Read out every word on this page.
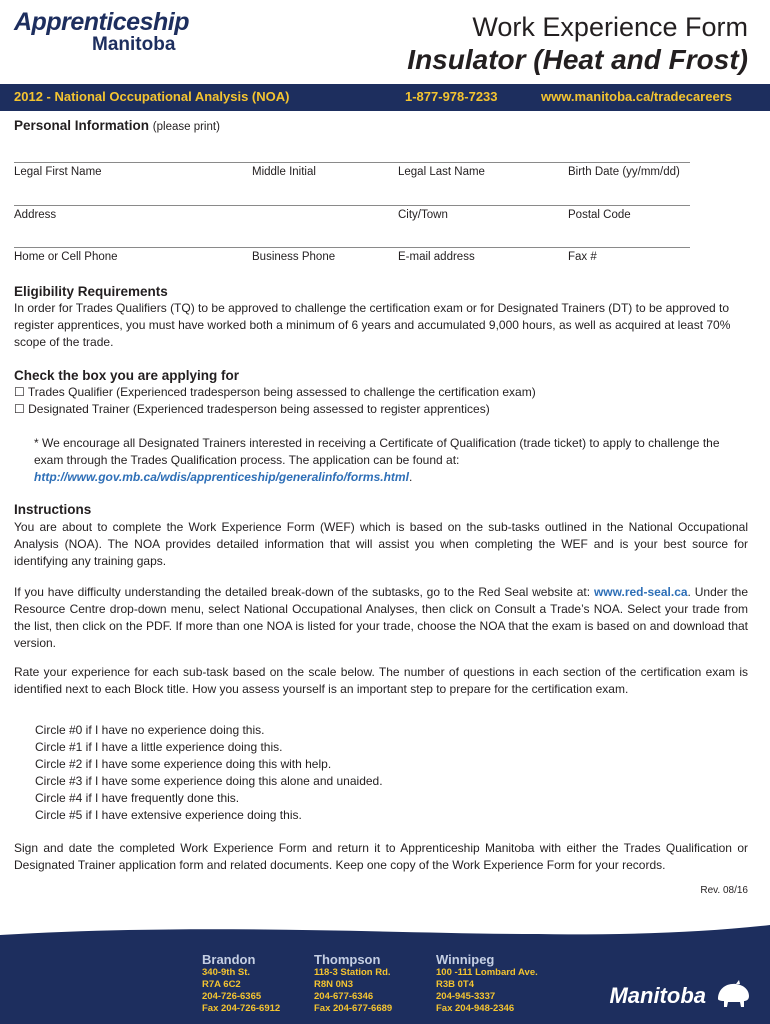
Apprenticeship
Manitoba
Work Experience Form
Insulator (Heat and Frost)
2012 - National Occupational Analysis (NOA)	1-877-978-7233	www.manitoba.ca/tradecareers
Personal Information (please print)
Legal First Name	Middle Initial	Legal Last Name	Birth Date (yy/mm/dd)
Address	City/Town	Postal Code
Home or Cell Phone	Business Phone	E-mail address	Fax #
Eligibility Requirements
In order for Trades Qualifiers (TQ) to be approved to challenge the certification exam or for Designated Trainers (DT) to be approved to register apprentices, you must have worked both a minimum of 6 years and accumulated 9,000 hours, as well as acquired at least 70% scope of the trade.
Check the box you are applying for
☐ Trades Qualifier (Experienced tradesperson being assessed to challenge the certification exam)
☐ Designated Trainer (Experienced tradesperson being assessed to register apprentices)
* We encourage all Designated Trainers interested in receiving a Certificate of Qualification (trade ticket) to apply to challenge the exam through the Trades Qualification process. The application can be found at: http://www.gov.mb.ca/wdis/apprenticeship/generalinfo/forms.html.
Instructions
You are about to complete the Work Experience Form (WEF) which is based on the sub-tasks outlined in the National Occupational Analysis (NOA). The NOA provides detailed information that will assist you when completing the WEF and is your best source for identifying any training gaps.
If you have difficulty understanding the detailed break-down of the subtasks, go to the Red Seal website at: www.red-seal.ca. Under the Resource Centre drop-down menu, select National Occupational Analyses, then click on Consult a Trade’s NOA. Select your trade from the list, then click on the PDF. If more than one NOA is listed for your trade, choose the NOA that the exam is based on and download that version.
Rate your experience for each sub-task based on the scale below. The number of questions in each section of the certification exam is identified next to each Block title. How you assess yourself is an important step to prepare for the certification exam.
Circle #0 if I have no experience doing this.
Circle #1 if I have a little experience doing this.
Circle #2 if I have some experience doing this with help.
Circle #3 if I have some experience doing this alone and unaided.
Circle #4 if I have frequently done this.
Circle #5 if I have extensive experience doing this.
Sign and date the completed Work Experience Form and return it to Apprenticeship Manitoba with either the Trades Qualification or Designated Trainer application form and related documents. Keep one copy of the Work Experience Form for your records.
Rev. 08/16
Brandon
340-9th St.
R7A 6C2
204-726-6365
Fax 204-726-6912
Thompson
118-3 Station Rd.
R8N 0N3
204-677-6346
Fax 204-677-6689
Winnipeg
100 -111 Lombard Ave.
R3B 0T4
204-945-3337
Fax 204-948-2346
Manitoba
